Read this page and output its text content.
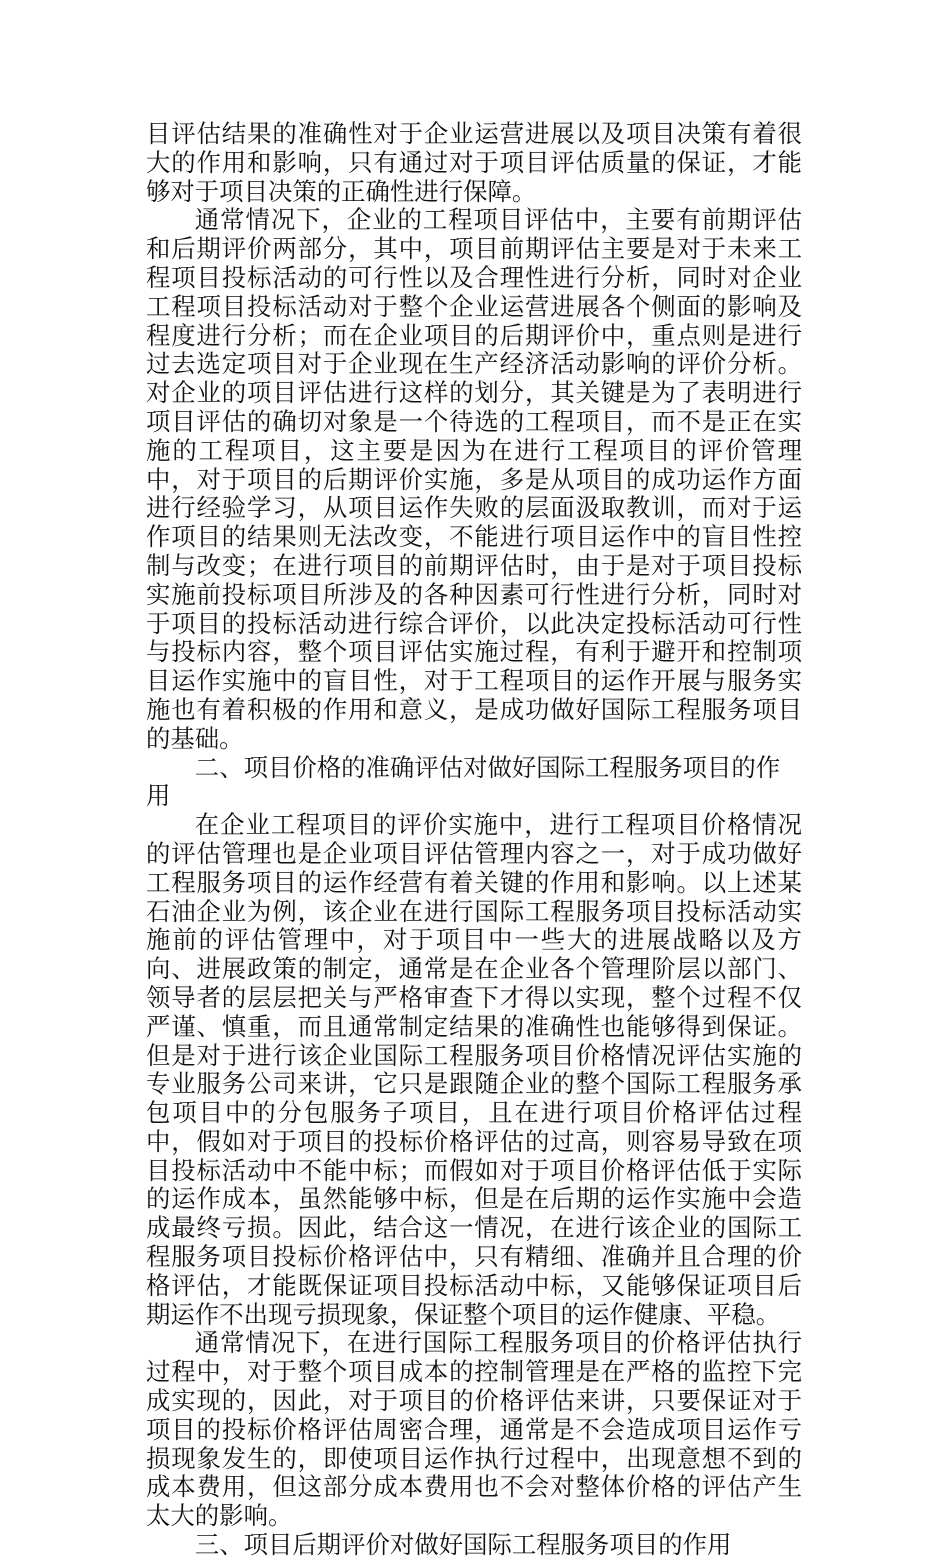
目评估结果的准确性对于企业运营进展以及项目决策有着很大的作用和影响，只有通过对于项目评估质量的保证，才能够对于项目决策的正确性进行保障。

通常情况下，企业的工程项目评估中，主要有前期评估和后期评价两部分，其中，项目前期评估主要是对于未来工程项目投标活动的可行性以及合理性进行分析，同时对企业工程项目投标活动对于整个企业运营进展各个侧面的影响及程度进行分析；而在企业项目的后期评价中，重点则是进行过去选定项目对于企业现在生产经济活动影响的评价分析。对企业的项目评估进行这样的划分，其关键是为了表明进行项目评估的确切对象是一个待选的工程项目，而不是正在实施的工程项目，这主要是因为在进行工程项目的评价管理中，对于项目的后期评价实施，多是从项目的成功运作方面进行经验学习，从项目运作失败的层面汲取教训，而对于运作项目的结果则无法改变，不能进行项目运作中的盲目性控制与改变；在进行项目的前期评估时，由于是对于项目投标实施前投标项目所涉及的各种因素可行性进行分析，同时对于项目的投标活动进行综合评价，以此决定投标活动可行性与投标内容，整个项目评估实施过程，有利于避开和控制项目运作实施中的盲目性，对于工程项目的运作开展与服务实施也有着积极的作用和意义，是成功做好国际工程服务项目的基础。

二、项目价格的准确评估对做好国际工程服务项目的作用

在企业工程项目的评价实施中，进行工程项目价格情况的评估管理也是企业项目评估管理内容之一，对于成功做好工程服务项目的运作经营有着关键的作用和影响。以上述某石油企业为例，该企业在进行国际工程服务项目投标活动实施前的评估管理中，对于项目中一些大的进展战略以及方向、进展政策的制定，通常是在企业各个管理阶层以部门、领导者的层层把关与严格审查下才得以实现，整个过程不仅严谨、慎重，而且通常制定结果的准确性也能够得到保证。但是对于进行该企业国际工程服务项目价格情况评估实施的专业服务公司来讲，它只是跟随企业的整个国际工程服务承包项目中的分包服务子项目，且在进行项目价格评估过程中，假如对于项目的投标价格评估的过高，则容易导致在项目投标活动中不能中标；而假如对于项目价格评估低于实际的运作成本，虽然能够中标，但是在后期的运作实施中会造成最终亏损。因此，结合这一情况，在进行该企业的国际工程服务项目投标价格评估中，只有精细、准确并且合理的价格评估，才能既保证项目投标活动中标，又能够保证项目后期运作不出现亏损现象，保证整个项目的运作健康、平稳。

通常情况下，在进行国际工程服务项目的价格评估执行过程中，对于整个项目成本的控制管理是在严格的监控下完成实现的，因此，对于项目的价格评估来讲，只要保证对于项目的投标价格评估周密合理，通常是不会造成项目运作亏损现象发生的，即使项目运作执行过程中，出现意想不到的成本费用，但这部分成本费用也不会对整体价格的评估产生太大的影响。

三、项目后期评价对做好国际工程服务项目的作用
